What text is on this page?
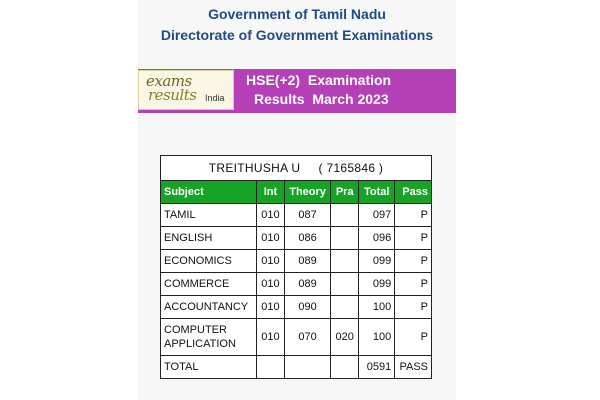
Government of Tamil Nadu
Directorate of Government Examinations
exams
results India
HSE(+2)  Examination
Results  March 2023
TREITHUSHA U ( 7165846 )					
Subject	Int	Theory	Pra	Total	Pass
TAMIL	010	087		097	P
ENGLISH	010	086		096	P
ECONOMICS	010	089		099	P
COMMERCE	010	089		099	P
ACCOUNTANCY	010	090		100	P
COMPUTER APPLICATION	010	070	020	100	P
TOTAL				0591	PASS
